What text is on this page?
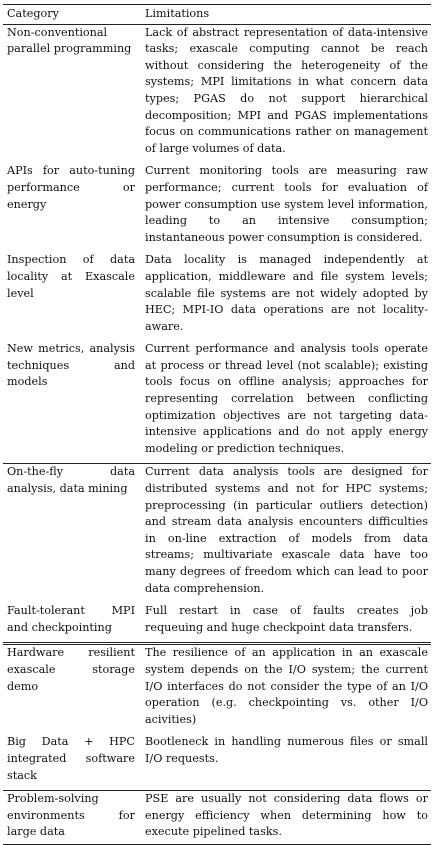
Category	Limitations
Non-conventional parallel programming	Lack of abstract representation of data-intensive tasks; exascale computing cannot be reach without considering the heterogeneity of the systems; MPI limitations in what concern data types; PGAS do not support hierarchical decomposition; MPI and PGAS implementations focus on communications rather on management of large volumes of data.
APIs for auto-tuning performance or energy	Current monitoring tools are measuring raw performance; current tools for evaluation of power consumption use system level information, leading to an intensive consumption; instantaneous power consumption is considered.
Inspection of data locality at Exascale level	Data locality is managed independently at application, middleware and file system levels; scalable file systems are not widely adopted by HEC; MPI-IO data operations are not locality-aware.
New metrics, analysis techniques and models	Current performance and analysis tools operate at process or thread level (not scalable); existing tools focus on offline analysis; approaches for representing correlation between conflicting optimization objectives are not targeting data-intensive applications and do not apply energy modeling or prediction techniques.
On-the-fly data analysis, data mining	Current data analysis tools are designed for distributed systems and not for HPC systems; preprocessing (in particular outliers detection) and stream data analysis encounters difficulties in on-line extraction of models from data streams; multivariate exascale data have too many degrees of freedom which can lead to poor data comprehension.
Fault-tolerant MPI and checkpointing	Full restart in case of faults creates job requeuing and huge checkpoint data transfers.
Hardware resilient exascale storage demo	The resilience of an application in an exascale system depends on the I/O system; the current I/O interfaces do not consider the type of an I/O operation (e.g. checkpointing vs. other I/O acivities)
Big Data + HPC integrated software stack	Bootleneck in handling numerous files or small I/O requests.
Problem-solving environments for large data	PSE are usually not considering data flows or energy efficiency when determining how to execute pipelined tasks.
